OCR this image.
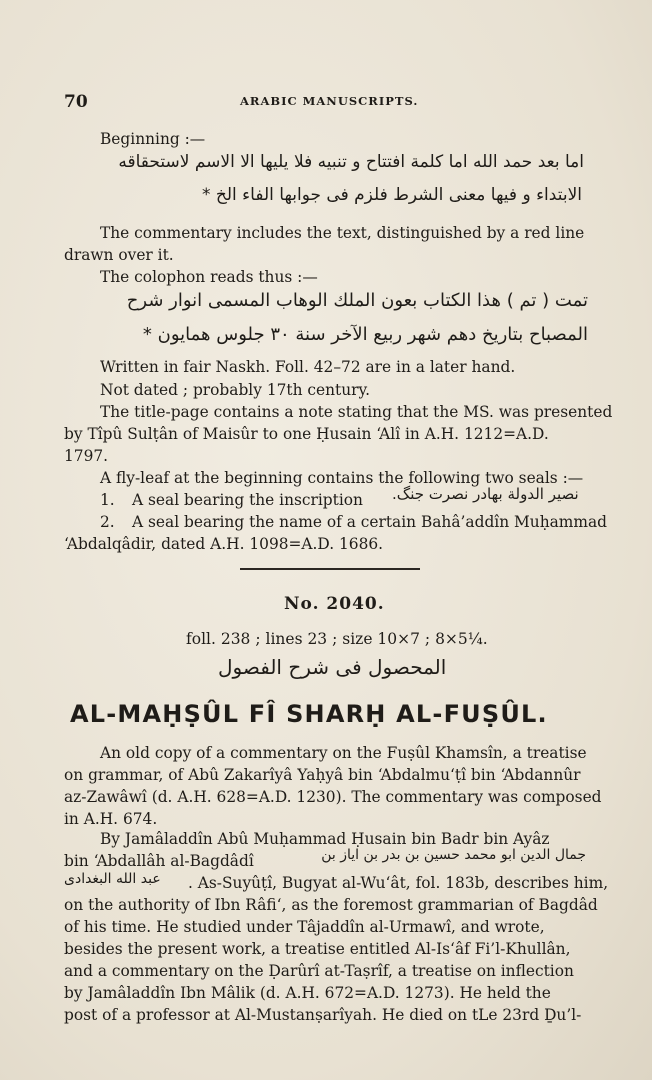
70	ARABIC MANUSCRIPTS.
Beginning :—
اما بعد حمد الله اما كلمة افتتاح و تنبيه فلا يليها الا الاسم لاستحقاقه
الابتداء و فيها معنى الشرط فلزم فى جوابها الفاء الخ *
The commentary includes the text, distinguished by a red line
drawn over it.
The colophon reads thus :—
تمت ( تم ) هذا الكتاب بعون الملك الوهاب المسمى انوار شرح
المصباح بتاريخ دهم شهر ربيع الآخر سنة ٣٠ جلوس همايون *
Written in fair Naskh. Foll. 42–72 are in a later hand.
Not dated ; probably 17th century.
The title-page contains a note stating that the MS. was presented
by Tîpû Sulṭân of Maisûr to one Ḥusain ‘Alî in A.H. 1212=A.D.
1797.
A fly-leaf at the beginning contains the following two seals :—
1. A seal bearing the inscription نصير الدولة بهادر نصرت جنگ.
2. A seal bearing the name of a certain Bahâ’addîn Muḥammad
‘Abdalqâdir, dated A.H. 1098=A.D. 1686.
No. 2040.
foll. 238 ; lines 23 ; size 10×7 ; 8×5¼.
المحصول فى شرح الفصول
AL-MAḤṢÛL FÎ SHARḤ AL-FUṢÛL.
An old copy of a commentary on the Fuṣûl Khamsîn, a treatise
on grammar, of Abû Zakarîyâ Yaḥyâ bin ‘Abdalmu‘ṭî bin ‘Abdannûr
az-Zawâwî (d. A.H. 628=A.D. 1230). The commentary was composed
in A.H. 674.
By Jamâladdîn Abû Muḥammad Ḥusain bin Badr bin Ayâz
bin ‘Abdallâh al-Bagdâdî	جمال الدين ابو محمد حسين بن بدر بن اياز بن
عبد الله البغدادى . As-Suyûṭî, Bugyat al-Wu‘ât, fol. 183b, describes him,
on the authority of Ibn Râfi‘, as the foremost grammarian of Bagdâd
of his time. He studied under Tâjaddîn al-Urmawî, and wrote,
besides the present work, a treatise entitled Al-Is‘âf Fi’l-Khullân,
and a commentary on the Ḍarûrî at-Taṣrîf, a treatise on inflection
by Jamâladdîn Ibn Mâlik (d. A.H. 672=A.D. 1273). He held the
post of a professor at Al-Mustanṣarîyah. He died on tLe 23rd Ḏu’l-
